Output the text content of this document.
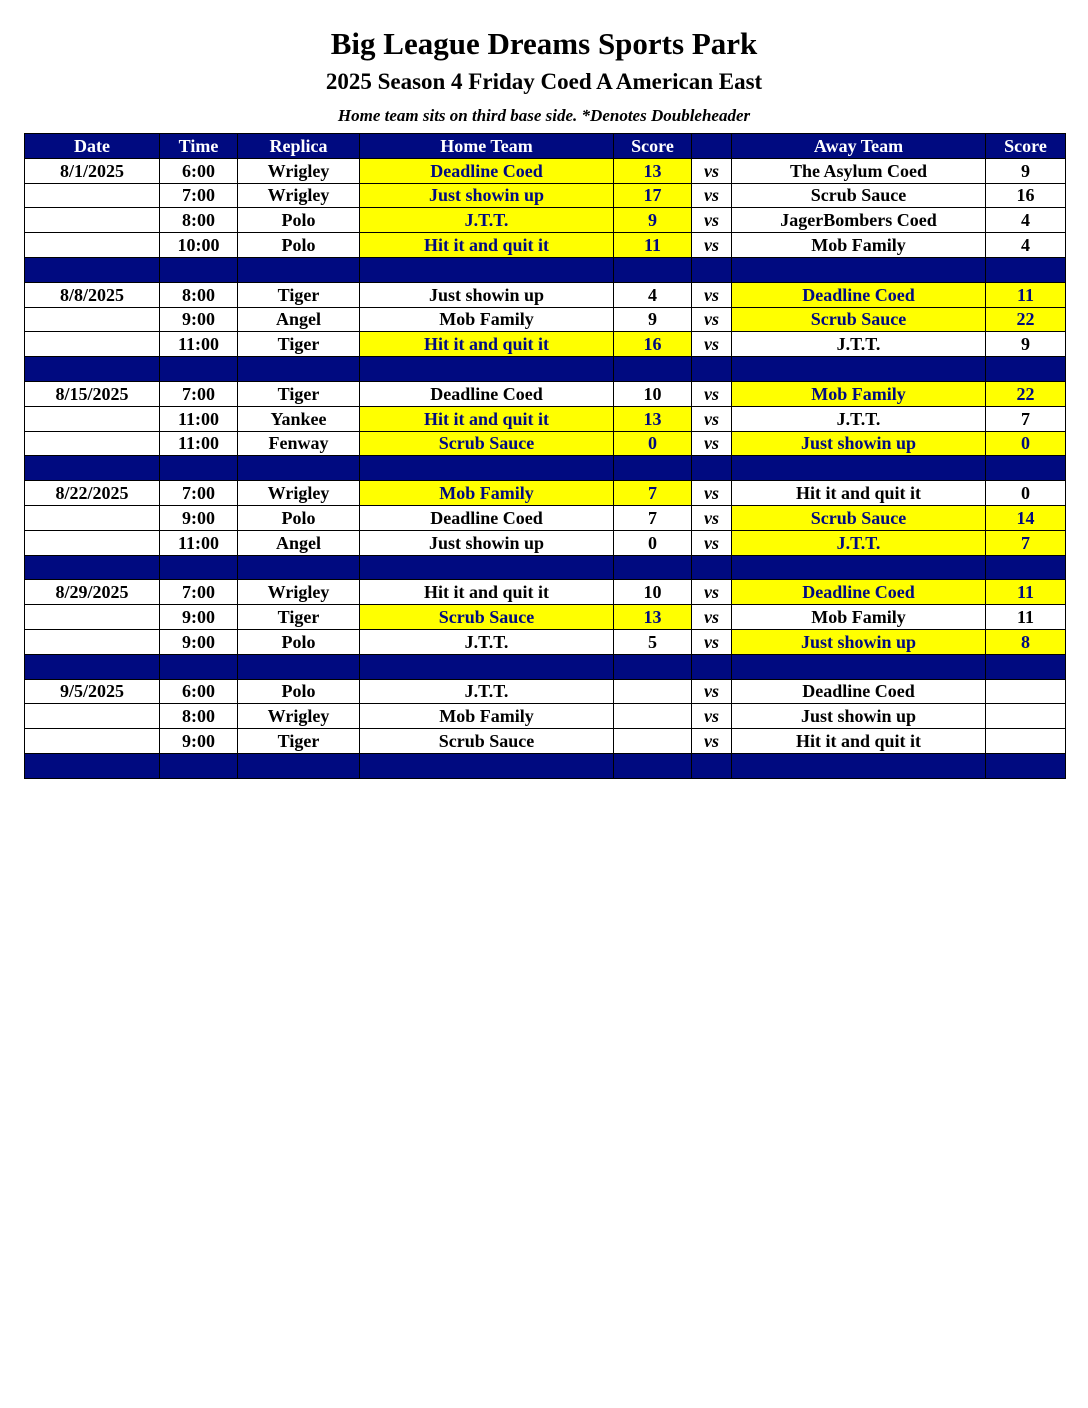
Big League Dreams Sports Park
2025 Season 4 Friday Coed A American East
Home team sits on third base side. *Denotes Doubleheader
Date	Time	Replica	Home Team	Score		Away Team	Score
8/1/2025	6:00	Wrigley	Deadline Coed	13	vs	The Asylum Coed	9
	7:00	Wrigley	Just showin up	17	vs	Scrub Sauce	16
	8:00	Polo	J.T.T.	9	vs	JagerBombers Coed	4
	10:00	Polo	Hit it and quit it	11	vs	Mob Family	4

8/8/2025	8:00	Tiger	Just showin up	4	vs	Deadline Coed	11
	9:00	Angel	Mob Family	9	vs	Scrub Sauce	22
	11:00	Tiger	Hit it and quit it	16	vs	J.T.T.	9

8/15/2025	7:00	Tiger	Deadline Coed	10	vs	Mob Family	22
	11:00	Yankee	Hit it and quit it	13	vs	J.T.T.	7
	11:00	Fenway	Scrub Sauce	0	vs	Just showin up	0

8/22/2025	7:00	Wrigley	Mob Family	7	vs	Hit it and quit it	0
	9:00	Polo	Deadline Coed	7	vs	Scrub Sauce	14
	11:00	Angel	Just showin up	0	vs	J.T.T.	7

8/29/2025	7:00	Wrigley	Hit it and quit it	10	vs	Deadline Coed	11
	9:00	Tiger	Scrub Sauce	13	vs	Mob Family	11
	9:00	Polo	J.T.T.	5	vs	Just showin up	8

9/5/2025	6:00	Polo	J.T.T.		vs	Deadline Coed	
	8:00	Wrigley	Mob Family		vs	Just showin up	
	9:00	Tiger	Scrub Sauce		vs	Hit it and quit it	
